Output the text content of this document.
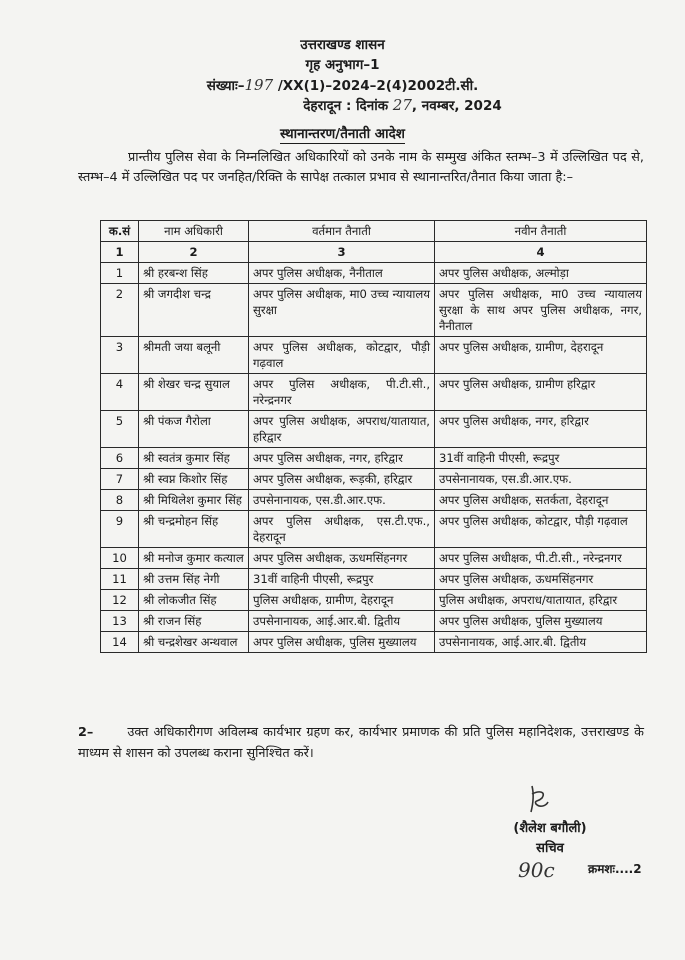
उत्तराखण्ड शासन
गृह अनुभाग–1
संख्याः–197 /XX(1)–2024–2(4)2002टी.सी.
देहरादून : दिनांक 27, नवम्बर, 2024
स्थानान्तरण/तैनाती आदेश
प्रान्तीय पुलिस सेवा के निम्नलिखित अधिकारियों को उनके नाम के सम्मुख अंकित स्तम्भ–3 में उल्लिखित पद से, स्तम्भ–4 में उल्लिखित पद पर जनहित/रिक्ति के सापेक्ष तत्काल प्रभाव से स्थानान्तरित/तैनात किया जाता है:–
क.सं	नाम अधिकारी	वर्तमान तैनाती	नवीन तैनाती
1	2	3	4
1	श्री हरबन्श सिंह	अपर पुलिस अधीक्षक, नैनीताल	अपर पुलिस अधीक्षक, अल्मोड़ा
2	श्री जगदीश चन्द्र	अपर पुलिस अधीक्षक, मा0 उच्च न्यायालय सुरक्षा	अपर पुलिस अधीक्षक, मा0 उच्च न्यायालय सुरक्षा के साथ अपर पुलिस अधीक्षक, नगर, नैनीताल
3	श्रीमती जया बलूनी	अपर पुलिस अधीक्षक, कोटद्वार, पौड़ी गढ़वाल	अपर पुलिस अधीक्षक, ग्रामीण, देहरादून
4	श्री शेखर चन्द्र सुयाल	अपर पुलिस अधीक्षक, पी.टी.सी., नरेन्द्रनगर	अपर पुलिस अधीक्षक, ग्रामीण हरिद्वार
5	श्री पंकज गैरोला	अपर पुलिस अधीक्षक, अपराध/यातायात, हरिद्वार	अपर पुलिस अधीक्षक, नगर, हरिद्वार
6	श्री स्वतंत्र कुमार सिंह	अपर पुलिस अधीक्षक, नगर, हरिद्वार	31वीं वाहिनी पीएसी, रूद्रपुर
7	श्री स्वप्न किशोर सिंह	अपर पुलिस अधीक्षक, रूड़की, हरिद्वार	उपसेनानायक, एस.डी.आर.एफ.
8	श्री मिथिलेश कुमार सिंह	उपसेनानायक, एस.डी.आर.एफ.	अपर पुलिस अधीक्षक, सतर्कता, देहरादून
9	श्री चन्द्रमोहन सिंह	अपर पुलिस अधीक्षक, एस.टी.एफ., देहरादून	अपर पुलिस अधीक्षक, कोटद्वार, पौड़ी गढ़वाल
10	श्री मनोज कुमार कत्याल	अपर पुलिस अधीक्षक, ऊधमसिंहनगर	अपर पुलिस अधीक्षक, पी.टी.सी., नरेन्द्रनगर
11	श्री उत्तम सिंह नेगी	31वीं वाहिनी पीएसी, रूद्रपुर	अपर पुलिस अधीक्षक, ऊधमसिंहनगर
12	श्री लोकजीत सिंह	पुलिस अधीक्षक, ग्रामीण, देहरादून	पुलिस अधीक्षक, अपराध/यातायात, हरिद्वार
13	श्री राजन सिंह	उपसेनानायक, आई.आर.बी. द्वितीय	अपर पुलिस अधीक्षक, पुलिस मुख्यालय
14	श्री चन्द्रशेखर अन्थवाल	अपर पुलिस अधीक्षक, पुलिस मुख्यालय	उपसेनानायक, आई.आर.बी. द्वितीय
2–	उक्त अधिकारीगण अविलम्ब कार्यभार ग्रहण कर, कार्यभार प्रमाणक की प्रति पुलिस महानिदेशक, उत्तराखण्ड के माध्यम से शासन को उपलब्ध कराना सुनिश्चित करें।
(शैलेश बगौली)
सचिव
90c	क्रमशः....2
